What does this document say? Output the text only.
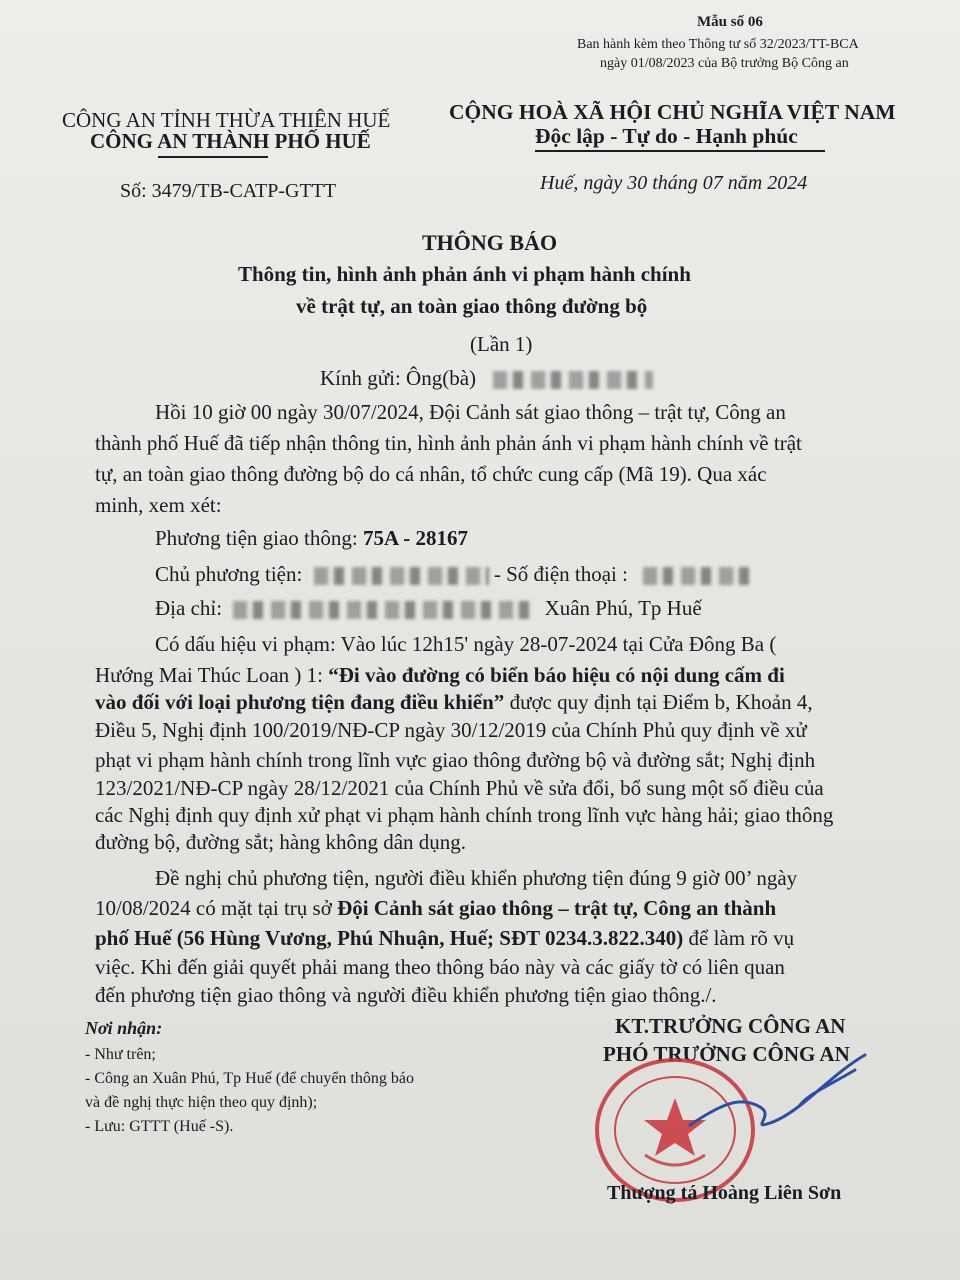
Mẫu số 06
Ban hành kèm theo Thông tư số 32/2023/TT-BCA
ngày 01/08/2023 của Bộ trưởng Bộ Công an
CÔNG AN TỈNH THỪA THIÊN HUẾ
CÔNG AN THÀNH PHỐ HUẾ
Số: 3479/TB-CATP-GTTT
CỘNG HOÀ XÃ HỘI CHỦ NGHĨA VIỆT NAM
Độc lập - Tự do - Hạnh phúc
Huế, ngày 30 tháng 07 năm 2024
THÔNG BÁO
Thông tin, hình ảnh phản ánh vi phạm hành chính
về trật tự, an toàn giao thông đường bộ
(Lần 1)
Kính gửi: Ông(bà)
Hồi 10 giờ 00 ngày 30/07/2024, Đội Cảnh sát giao thông – trật tự, Công an
thành phố Huế đã tiếp nhận thông tin, hình ảnh phản ánh vi phạm hành chính về trật
tự, an toàn giao thông đường bộ do cá nhân, tổ chức cung cấp (Mã 19). Qua xác
minh, xem xét:
Phương tiện giao thông: 75A - 28167
Chủ phương tiện:	- Số điện thoại :
Địa chỉ:	Xuân Phú, Tp Huế
Có dấu hiệu vi phạm: Vào lúc 12h15' ngày 28-07-2024 tại Cửa Đông Ba (
Hướng Mai Thúc Loan ) 1: “Đi vào đường có biển báo hiệu có nội dung cấm đi
vào đối với loại phương tiện đang điều khiển” được quy định tại Điểm b, Khoản 4,
Điều 5, Nghị định 100/2019/NĐ-CP ngày 30/12/2019 của Chính Phủ quy định về xử
phạt vi phạm hành chính trong lĩnh vực giao thông đường bộ và đường sắt; Nghị định
123/2021/NĐ-CP ngày 28/12/2021 của Chính Phủ về sửa đổi, bổ sung một số điều của
các Nghị định quy định xử phạt vi phạm hành chính trong lĩnh vực hàng hải; giao thông
đường bộ, đường sắt; hàng không dân dụng.
Đề nghị chủ phương tiện, người điều khiển phương tiện đúng 9 giờ 00’ ngày
10/08/2024 có mặt tại trụ sở Đội Cảnh sát giao thông – trật tự, Công an thành
phố Huế (56 Hùng Vương, Phú Nhuận, Huế; SĐT 0234.3.822.340) để làm rõ vụ
việc. Khi đến giải quyết phải mang theo thông báo này và các giấy tờ có liên quan
đến phương tiện giao thông và người điều khiển phương tiện giao thông./.
Nơi nhận:
- Như trên;
- Công an Xuân Phú, Tp Huế (để chuyển thông báo
và đề nghị thực hiện theo quy định);
- Lưu: GTTT (Huế -S).
KT.TRƯỞNG CÔNG AN
PHÓ TRƯỞNG CÔNG AN
Thượng tá Hoàng Liên Sơn
